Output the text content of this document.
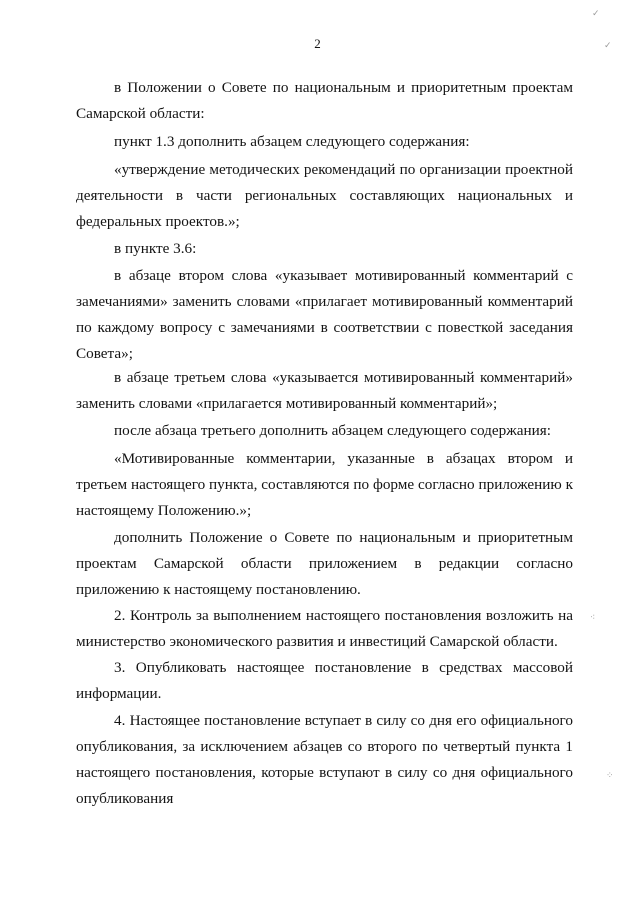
2

в Положении о Совете по национальным и приоритетным проектам Самарской области:

пункт 1.3 дополнить абзацем следующего содержания:

«утверждение методических рекомендаций по организации проектной деятельности в части региональных составляющих национальных и федеральных проектов.»;

в пункте 3.6:

в абзаце втором слова «указывает мотивированный комментарий с замечаниями» заменить словами «прилагает мотивированный комментарий по каждому вопросу с замечаниями в соответствии с повесткой заседания Совета»;

в абзаце третьем слова «указывается мотивированный комментарий» заменить словами «прилагается мотивированный комментарий»;

после абзаца третьего дополнить абзацем следующего содержания:

«Мотивированные комментарии, указанные в абзацах втором и третьем настоящего пункта, составляются по форме согласно приложению к настоящему Положению.»;

дополнить Положение о Совете по национальным и приоритетным проектам Самарской области приложением в редакции согласно приложению к настоящему постановлению.

2. Контроль за выполнением настоящего постановления возложить на министерство экономического развития и инвестиций Самарской области.

3. Опубликовать настоящее постановление в средствах массовой информации.

4. Настоящее постановление вступает в силу со дня его официального опубликования, за исключением абзацев со второго по четвертый пункта 1 настоящего постановления, которые вступают в силу со дня официального опубликования

✓
✓
⁖
⁘
